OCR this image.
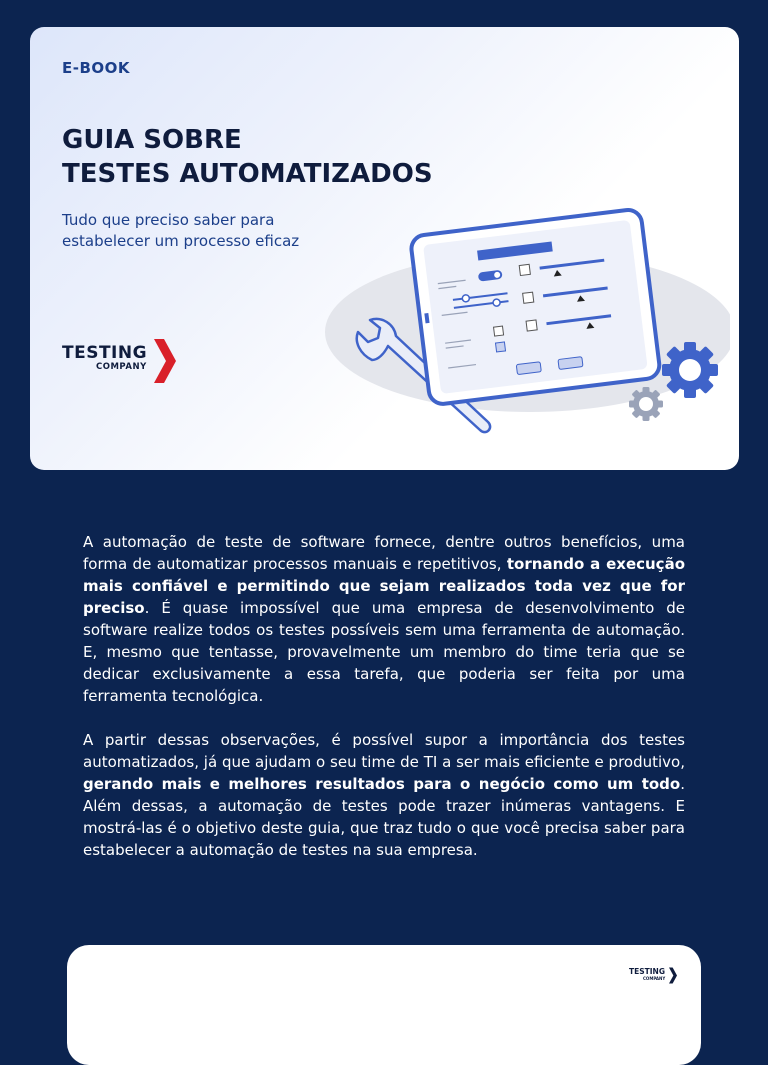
E-BOOK
GUIA SOBRE
TESTES AUTOMATIZADOS
Tudo que preciso saber para estabelecer um processo eficaz
TESTING
COMPANY

A automação de teste de software fornece, dentre outros benefícios, uma forma de automatizar processos manuais e repetitivos, tornando a execução mais confiável e permitindo que sejam realizados toda vez que for preciso. É quase impossível que uma empresa de desenvolvimento de software realize todos os testes possíveis sem uma ferramenta de automação. E, mesmo que tentasse, provavelmente um membro do time teria que se dedicar exclusivamente a essa tarefa, que poderia ser feita por uma ferramenta tecnológica.

A partir dessas observações, é possível supor a importância dos testes automatizados, já que ajudam o seu time de TI a ser mais eficiente e produtivo, gerando mais e melhores resultados para o negócio como um todo. Além dessas, a automação de testes pode trazer inúmeras vantagens. E mostrá-las é o objetivo deste guia, que traz tudo o que você precisa saber para estabelecer a automação de testes na sua empresa.

TESTING
COMPANY
